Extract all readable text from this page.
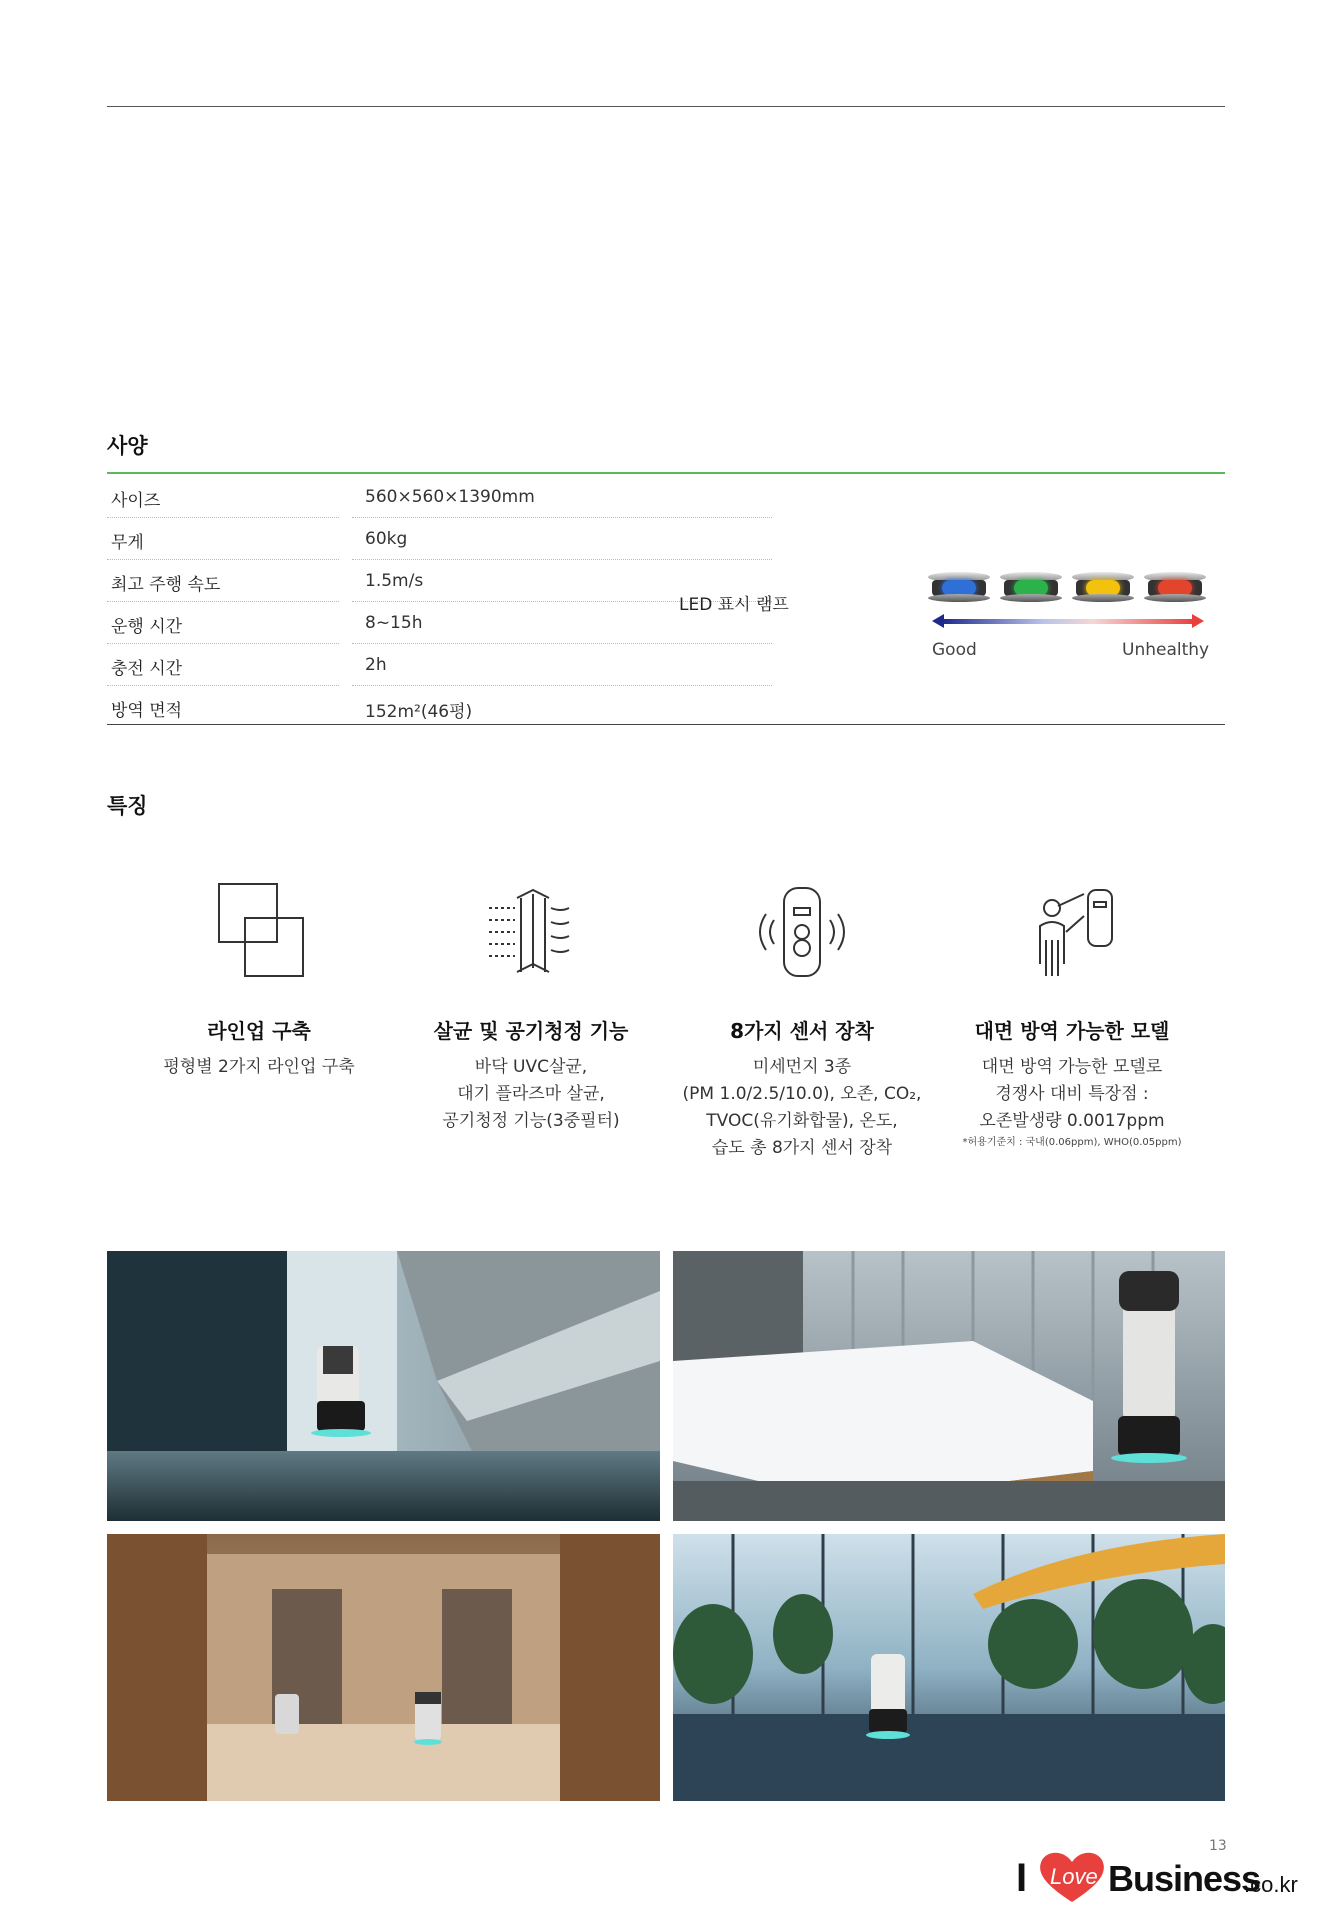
사양
사이즈	560×560×1390mm
무게	60kg
최고 주행 속도	1.5m/s
운행 시간	8~15h
충전 시간	2h
방역 면적	152m²(46평)
LED 표시 램프
Good	Unhealthy
특징
라인업 구축
평형별 2가지 라인업 구축
살균 및 공기청정 기능
바닥 UVC살균,
대기 플라즈마 살균,
공기청정 기능(3중필터)
8가지 센서 장착
미세먼지 3종
(PM 1.0/2.5/10.0), 오존, CO₂,
TVOC(유기화합물), 온도,
습도 총 8가지 센서 장착
대면 방역 가능한 모델
대면 방역 가능한 모델로
경쟁사 대비 특장점 :
오존발생량 0.0017ppm
*허용기준치 : 국내(0.06ppm), WHO(0.05ppm)
13
I Love Business
.co.kr
